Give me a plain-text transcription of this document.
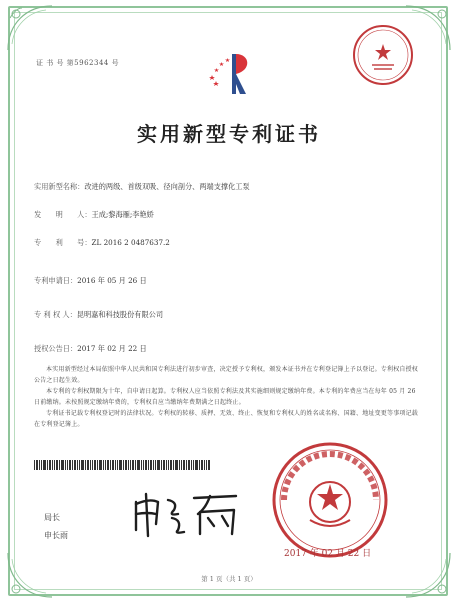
证 书 号 第5962344 号
实用新型专利证书
实用新型名称：改进的两级、首级双吸、径向剖分、两端支撑化工泵
发　　明　　人：王成;黎海雁;李艳娇
专　　利　　号：ZL 2016 2 0487637.2
专利申请日：2016 年 05 月 26 日
专 利 权 人：昆明嘉和科技股份有限公司
授权公告日：2017 年 02 月 22 日

本实用新型经过本局依照中华人民共和国专利法进行初步审查，决定授予专利权，颁发本证书并在专利登记簿上予以登记。专利权自授权公告之日起生效。

本专利的专利权期限为十年，自申请日起算。专利权人应当依照专利法及其实施细则规定缴纳年费。本专利的年费应当在每年 05 月 26 日前缴纳。未按照规定缴纳年费的，专利权自应当缴纳年费期满之日起终止。

专利证书记载专利权登记时的法律状况。专利权的转移、质押、无效、终止、恢复和专利权人的姓名或名称、国籍、地址变更等事项记载在专利登记簿上。

局长
申长雨
2017 年 02 月 22 日
第 1 页（共 1 页）
